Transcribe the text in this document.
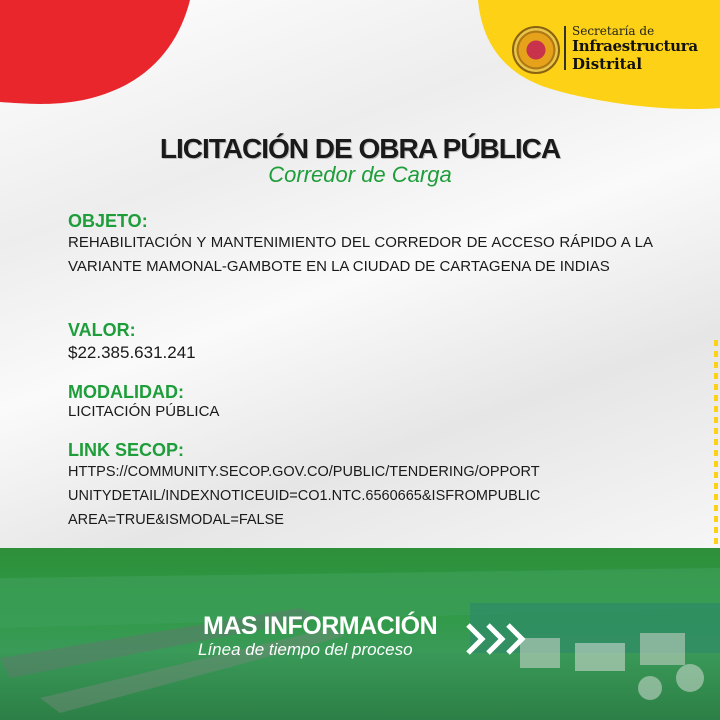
Secretaría de
Infraestructura
Distrital
LICITACIÓN DE OBRA PÚBLICA
Corredor de Carga
OBJETO:
REHABILITACIÓN Y MANTENIMIENTO DEL CORREDOR DE ACCESO RÁPIDO A LA VARIANTE MAMONAL-GAMBOTE EN LA CIUDAD DE CARTAGENA DE INDIAS
VALOR:
$22.385.631.241
MODALIDAD:
LICITACIÓN PÚBLICA
LINK SECOP:
HTTPS://COMMUNITY.SECOP.GOV.CO/PUBLIC/TENDERING/OPPORT
UNITYDETAIL/INDEXNOTICEUID=CO1.NTC.6560665&ISFROMPUBLIC
AREA=TRUE&ISMODAL=FALSE
MAS INFORMACIÓN
Línea de tiempo del proceso
